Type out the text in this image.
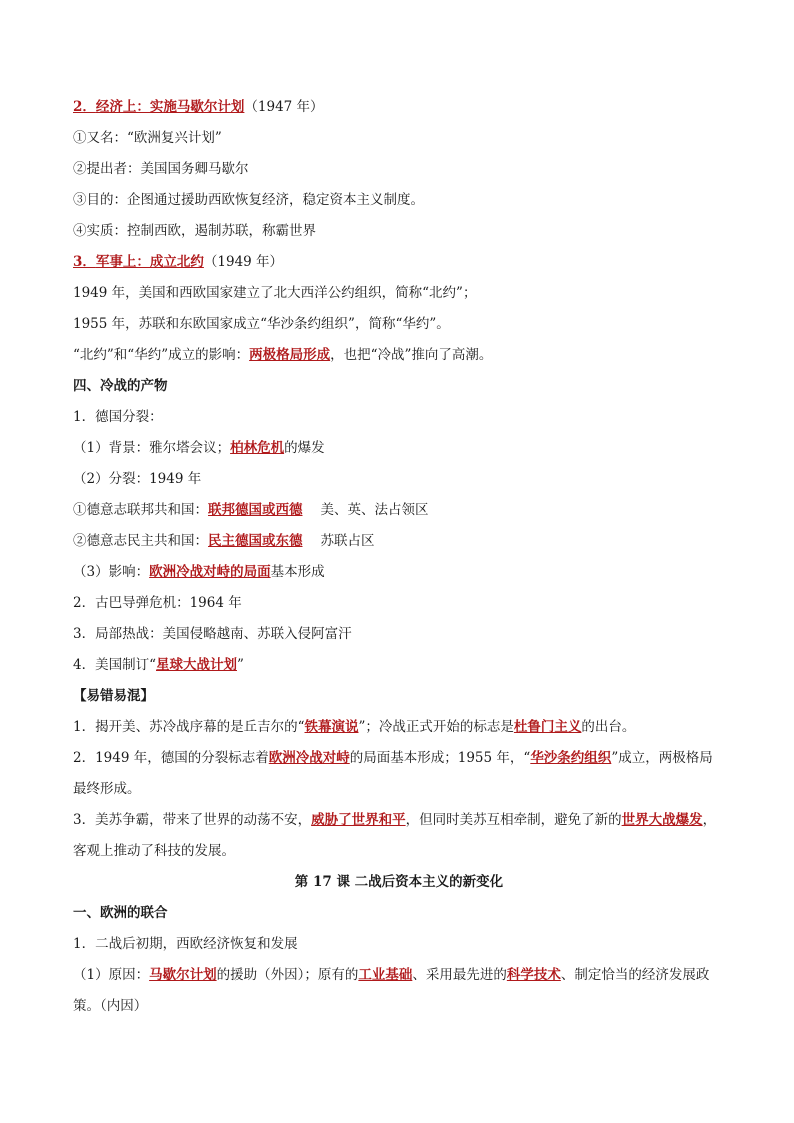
2．经济上：实施马歇尔计划（1947 年）
①又名：“欧洲复兴计划”
②提出者：美国国务卿马歇尔
③目的：企图通过援助西欧恢复经济，稳定资本主义制度。
④实质：控制西欧，遏制苏联，称霸世界
3．军事上：成立北约（1949 年）
1949 年，美国和西欧国家建立了北大西洋公约组织，简称“北约”；
1955 年，苏联和东欧国家成立“华沙条约组织”，简称“华约”。
“北约”和“华约”成立的影响：两极格局形成，也把“冷战”推向了高潮。
四、冷战的产物
1．德国分裂：
（1）背景：雅尔塔会议；柏林危机的爆发
（2）分裂：1949 年
①德意志联邦共和国：联邦德国或西德 美、英、法占领区
②德意志民主共和国：民主德国或东德 苏联占区
（3）影响：欧洲冷战对峙的局面基本形成
2．古巴导弹危机：1964 年
3．局部热战：美国侵略越南、苏联入侵阿富汗
4．美国制订“星球大战计划”
【易错易混】
1．揭开美、苏冷战序幕的是丘吉尔的“铁幕演说”；冷战正式开始的标志是杜鲁门主义的出台。
2．1949 年，德国的分裂标志着欧洲冷战对峙的局面基本形成；1955 年，“华沙条约组织”成立，两极格局最终形成。
3．美苏争霸，带来了世界的动荡不安，威胁了世界和平，但同时美苏互相牵制，避免了新的世界大战爆发，客观上推动了科技的发展。
第 17 课 二战后资本主义的新变化
一、欧洲的联合
1．二战后初期，西欧经济恢复和发展
（1）原因：马歇尔计划的援助（外因）；原有的工业基础、采用最先进的科学技术、制定恰当的经济发展政策。（内因）
